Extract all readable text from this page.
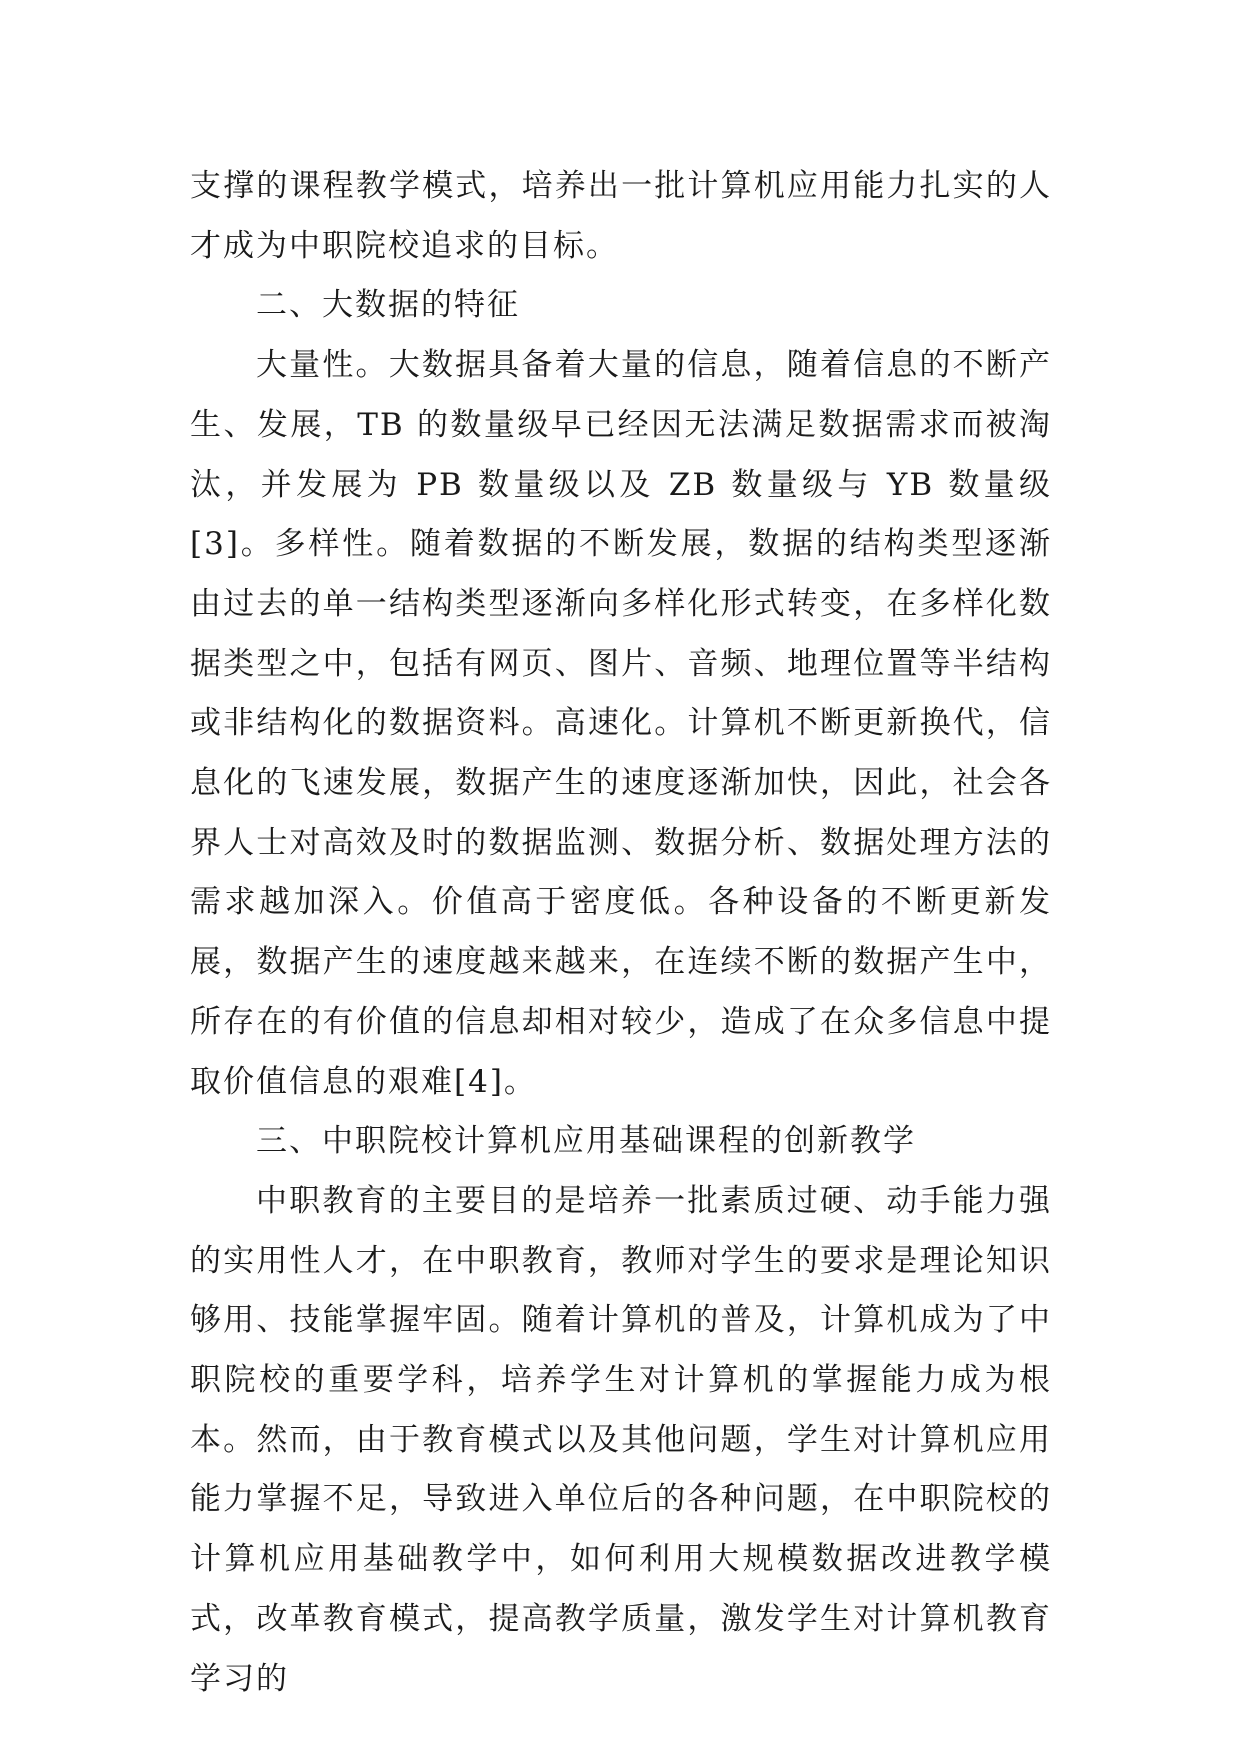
支撑的课程教学模式，培养出一批计算机应用能力扎实的人才成为中职院校追求的目标。

二、大数据的特征

大量性。大数据具备着大量的信息，随着信息的不断产生、发展，TB 的数量级早已经因无法满足数据需求而被淘汰，并发展为 PB 数量级以及 ZB 数量级与 YB 数量级[3]。多样性。随着数据的不断发展，数据的结构类型逐渐由过去的单一结构类型逐渐向多样化形式转变，在多样化数据类型之中，包括有网页、图片、音频、地理位置等半结构或非结构化的数据资料。高速化。计算机不断更新换代，信息化的飞速发展，数据产生的速度逐渐加快，因此，社会各界人士对高效及时的数据监测、数据分析、数据处理方法的需求越加深入。价值高于密度低。各种设备的不断更新发展，数据产生的速度越来越来，在连续不断的数据产生中，所存在的有价值的信息却相对较少，造成了在众多信息中提取价值信息的艰难[4]。

三、中职院校计算机应用基础课程的创新教学

中职教育的主要目的是培养一批素质过硬、动手能力强的实用性人才，在中职教育，教师对学生的要求是理论知识够用、技能掌握牢固。随着计算机的普及，计算机成为了中职院校的重要学科，培养学生对计算机的掌握能力成为根本。然而，由于教育模式以及其他问题，学生对计算机应用能力掌握不足，导致进入单位后的各种问题，在中职院校的计算机应用基础教学中，如何利用大规模数据改进教学模式，改革教育模式，提高教学质量，激发学生对计算机教育学习的
